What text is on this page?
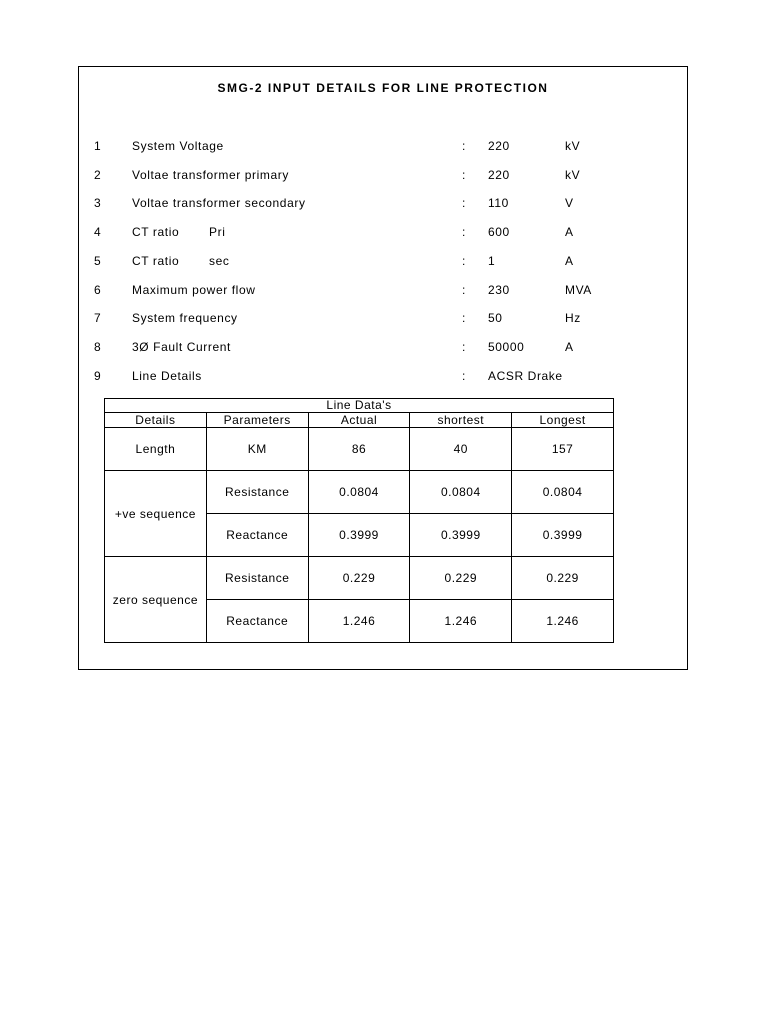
SMG-2 INPUT DETAILS FOR LINE PROTECTION
1	System Voltage	: 220	kV
2	Voltae transformer primary	: 220	kV
3	Voltae transformer secondary	: 110	V
4	CT ratio Pri	: 600	A
5	CT ratio sec	: 1	A
6	Maximum power flow	: 230	MVA
7	System frequency	: 50	Hz
8	3Ø Fault Current	: 50000	A
9	Line Details	: ACSR Drake
Line Data's				
Details	Parameters	Actual	shortest	Longest
Length	KM	86	40	157
+ve sequence	Resistance	0.0804	0.0804	0.0804
	Reactance	0.3999	0.3999	0.3999
zero sequence	Resistance	0.229	0.229	0.229
	Reactance	1.246	1.246	1.246
